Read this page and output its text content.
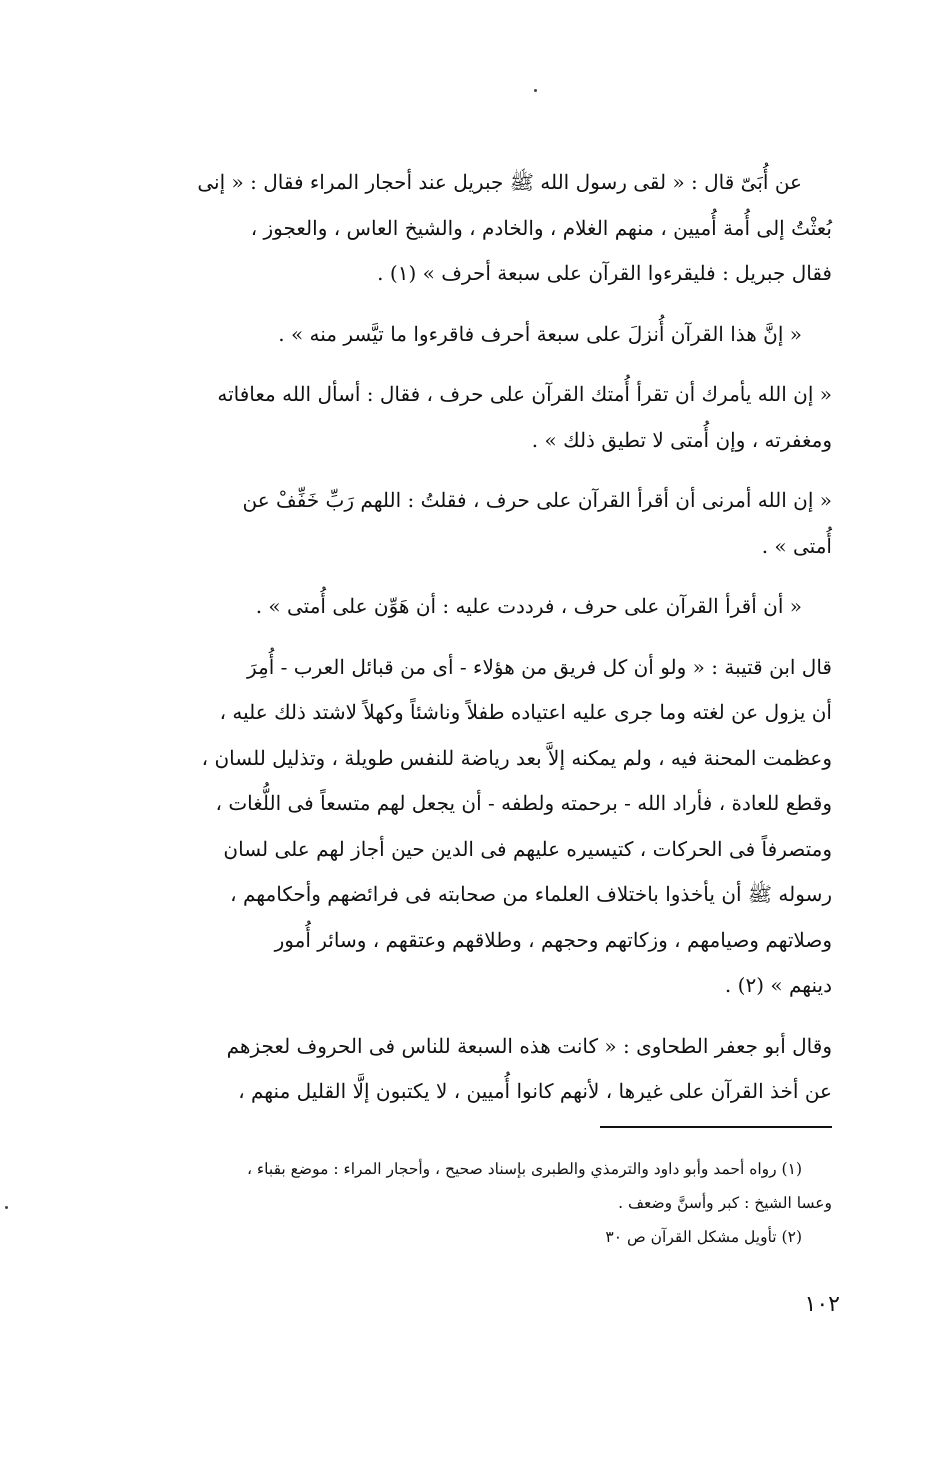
عن أُبَىّ قال : « لقى رسول الله ﷺ جبريل عند أحجار المراء فقال : « إنى

بُعثْتُ إلى أُمة أُميين ، منهم الغلام ، والخادم ، والشيخ العاس ، والعجوز ،

فقال جبريل : فليقرءوا القرآن على سبعة أحرف » (١) .

« إنَّ هذا القرآن أُنزلَ على سبعة أحرف فاقرءوا ما تيَّسر منه » .

« إن الله يأمرك أن تقرأ أُمتك القرآن على حرف ، فقال : أسأل الله معافاته

ومغفرته ، وإن أُمتى لا تطيق ذلك » .

« إن الله أمرنى أن أقرأ القرآن على حرف ، فقلتُ : اللهم رَبِّ خَفِّفْ عن

أُمتى » .

« أن أقرأ القرآن على حرف ، فرددت عليه : أن هَوِّن على أُمتى » .

قال ابن قتيبة : « ولو أن كل فريق من هؤلاء - أى من قبائل العرب - أُمِرَ

أن يزول عن لغته وما جرى عليه اعتياده طفلاً وناشئاً وكهلاً لاشتد ذلك عليه ،

وعظمت المحنة فيه ، ولم يمكنه إلاَّ بعد رياضة للنفس طويلة ، وتذليل للسان ،

وقطع للعادة ، فأراد الله - برحمته ولطفه - أن يجعل لهم متسعاً فى اللُّغات ،

ومتصرفاً فى الحركات ، كتيسيره عليهم فى الدين حين أجاز لهم على لسان

رسوله ﷺ أن يأخذوا باختلاف العلماء من صحابته فى فرائضهم وأحكامهم ،

وصلاتهم وصيامهم ، وزكاتهم وحجهم ، وطلاقهم وعتقهم ، وسائر أُمور

دينهم » (٢) .

وقال أبو جعفر الطحاوى : « كانت هذه السبعة للناس فى الحروف لعجزهم

عن أخذ القرآن على غيرها ، لأنهم كانوا أُميين ، لا يكتبون إلَّا القليل منهم ،

(١) رواه أحمد وأبو داود والترمذي والطبرى بإسناد صحيح ، وأحجار المراء : موضع بقباء ،

وعسا الشيخ : كبر وأسنَّ وضعف .

(٢) تأويل مشكل القرآن ص ٣٠

١٠٢
